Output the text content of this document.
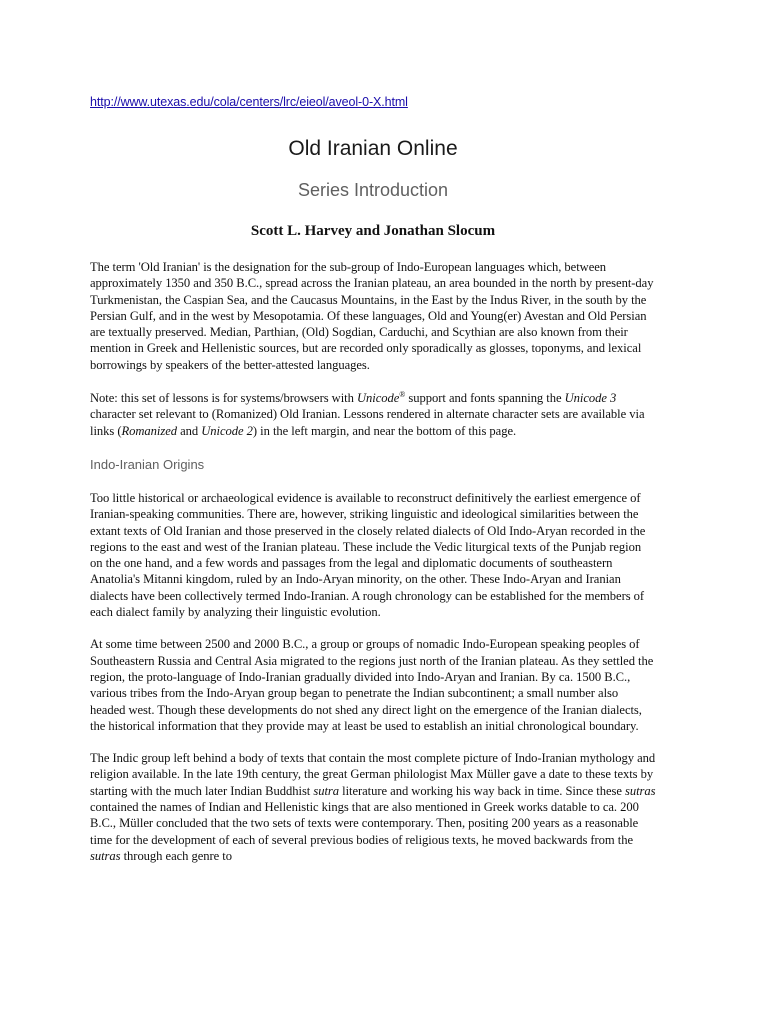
http://www.utexas.edu/cola/centers/lrc/eieol/aveol-0-X.html
Old Iranian Online
Series Introduction
Scott L. Harvey and Jonathan Slocum

The term 'Old Iranian' is the designation for the sub-group of Indo-European languages which, between approximately 1350 and 350 B.C., spread across the Iranian plateau, an area bounded in the north by present-day Turkmenistan, the Caspian Sea, and the Caucasus Mountains, in the East by the Indus River, in the south by the Persian Gulf, and in the west by Mesopotamia. Of these languages, Old and Young(er) Avestan and Old Persian are textually preserved. Median, Parthian, (Old) Sogdian, Carduchi, and Scythian are also known from their mention in Greek and Hellenistic sources, but are recorded only sporadically as glosses, toponyms, and lexical borrowings by speakers of the better-attested languages.

Note: this set of lessons is for systems/browsers with Unicode® support and fonts spanning the Unicode 3 character set relevant to (Romanized) Old Iranian. Lessons rendered in alternate character sets are available via links (Romanized and Unicode 2) in the left margin, and near the bottom of this page.

Indo-Iranian Origins

Too little historical or archaeological evidence is available to reconstruct definitively the earliest emergence of Iranian-speaking communities. There are, however, striking linguistic and ideological similarities between the extant texts of Old Iranian and those preserved in the closely related dialects of Old Indo-Aryan recorded in the regions to the east and west of the Iranian plateau. These include the Vedic liturgical texts of the Punjab region on the one hand, and a few words and passages from the legal and diplomatic documents of southeastern Anatolia's Mitanni kingdom, ruled by an Indo-Aryan minority, on the other. These Indo-Aryan and Iranian dialects have been collectively termed Indo-Iranian. A rough chronology can be established for the members of each dialect family by analyzing their linguistic evolution.

At some time between 2500 and 2000 B.C., a group or groups of nomadic Indo-European speaking peoples of Southeastern Russia and Central Asia migrated to the regions just north of the Iranian plateau. As they settled the region, the proto-language of Indo-Iranian gradually divided into Indo-Aryan and Iranian. By ca. 1500 B.C., various tribes from the Indo-Aryan group began to penetrate the Indian subcontinent; a small number also headed west. Though these developments do not shed any direct light on the emergence of the Iranian dialects, the historical information that they provide may at least be used to establish an initial chronological boundary.

The Indic group left behind a body of texts that contain the most complete picture of Indo-Iranian mythology and religion available. In the late 19th century, the great German philologist Max Müller gave a date to these texts by starting with the much later Indian Buddhist sutra literature and working his way back in time. Since these sutras contained the names of Indian and Hellenistic kings that are also mentioned in Greek works datable to ca. 200 B.C., Müller concluded that the two sets of texts were contemporary. Then, positing 200 years as a reasonable time for the development of each of several previous bodies of religious texts, he moved backwards from the sutras through each genre to
